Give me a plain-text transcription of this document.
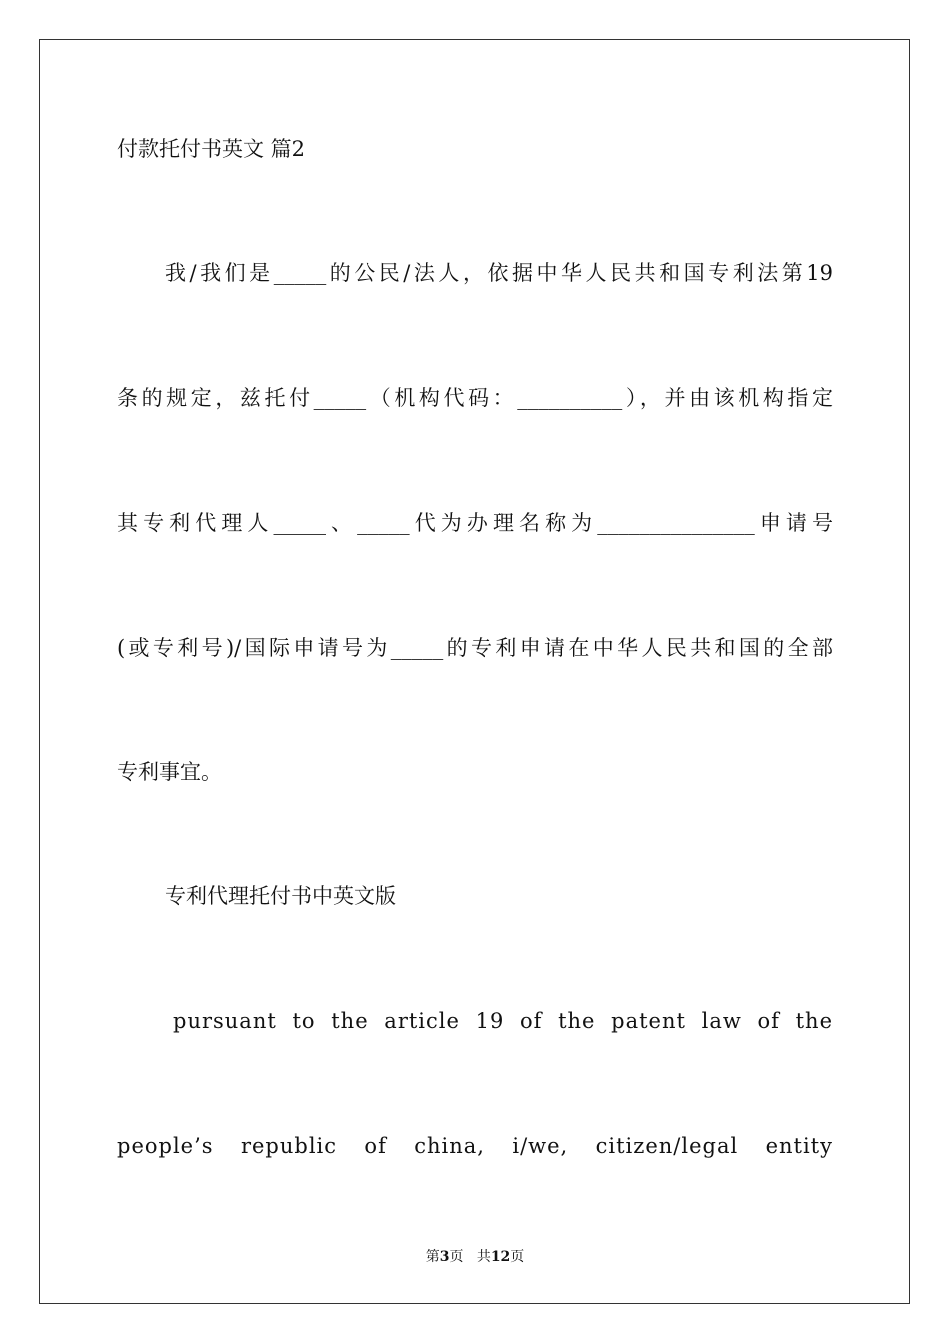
付款托付书英文 篇2
我/我们是_____的公民/法人，依据中华人民共和国专利法第19
条的规定，兹托付_____（机构代码：__________），并由该机构指定
其专利代理人_____、_____代为办理名称为_______________申请号
(或专利号)/国际申请号为_____的专利申请在中华人民共和国的全部
专利事宜。
专利代理托付书中英文版
pursuant to the article 19 of the patent law of the
people’s republic of china, i/we, citizen/legal entity
第3页 共12页
